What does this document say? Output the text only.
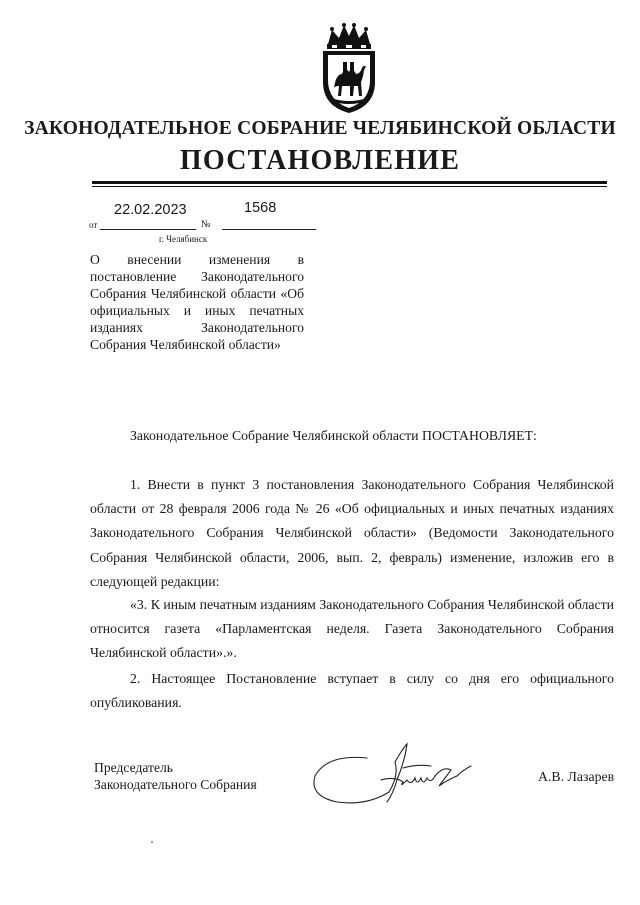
ЗАКОНОДАТЕЛЬНОЕ СОБРАНИЕ ЧЕЛЯБИНСКОЙ ОБЛАСТИ
ПОСТАНОВЛЕНИЕ
22.02.2023	1568
от	№
г. Челябинск
О внесении изменения в постановление Законодательного Собрания Челябинской области «Об официальных и иных печатных изданиях Законодательного Собрания Челябинской области»
Законодательное Собрание Челябинской области ПОСТАНОВЛЯЕТ:
1. Внести в пункт 3 постановления Законодательного Собрания Челябинской области от 28 февраля 2006 года № 26 «Об официальных и иных печатных изданиях Законодательного Собрания Челябинской области» (Ведомости Законодательного Собрания Челябинской области, 2006, вып. 2, февраль) изменение, изложив его в следующей редакции:
«3. К иным печатным изданиям Законодательного Собрания Челябинской области относится газета «Парламентская неделя. Газета Законодательного Собрания Челябинской области».».
2. Настоящее Постановление вступает в силу со дня его официального опубликования.
Председатель
Законодательного Собрания	А.В. Лазарев
